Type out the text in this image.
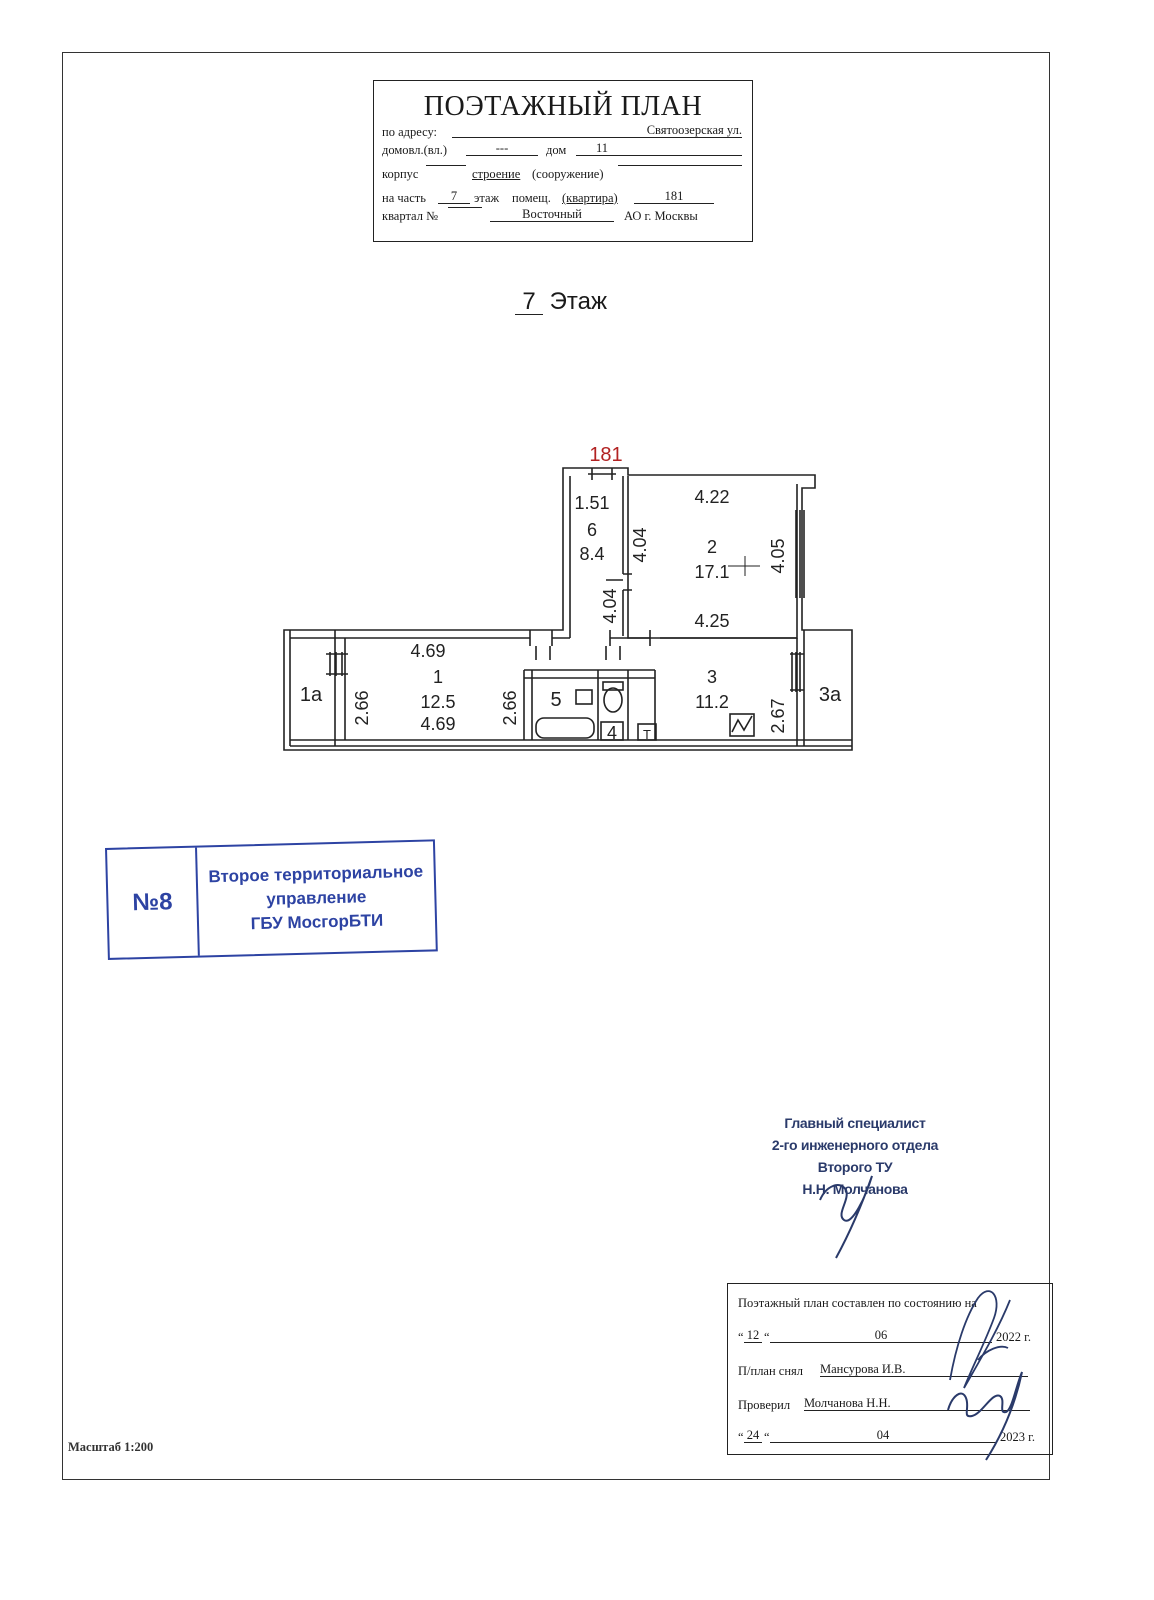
ПОЭТАЖНЫЙ ПЛАН
по адресу:	Святоозерская ул.
домовл.(вл.)	---	дом	11
корпус	строение (сооружение)
на часть	7	этаж помещ. (квартира)	181
квартал №	Восточный	АО г. Москвы
7 Этаж
181
1.51
6
8.4 4.04
4.04
4.22
2
17.1
4.25
4.05
4.69
1
12.5
4.69
2.66	2.66
1а	3а
5
4 T
3
11.2 2.67
№8
Второе территориальное
управление
ГБУ МосгорБТИ
Главный специалист
2-го инженерного отдела
Второго ТУ
Н.Н. Молчанова
Поэтажный план составлен по состоянию на
“ 12 “	06	2022 г.
П/план снял Мансурова И.В.
Проверил Молчанова Н.Н.
“ 24 “	04	2023 г.
Масштаб 1:200
